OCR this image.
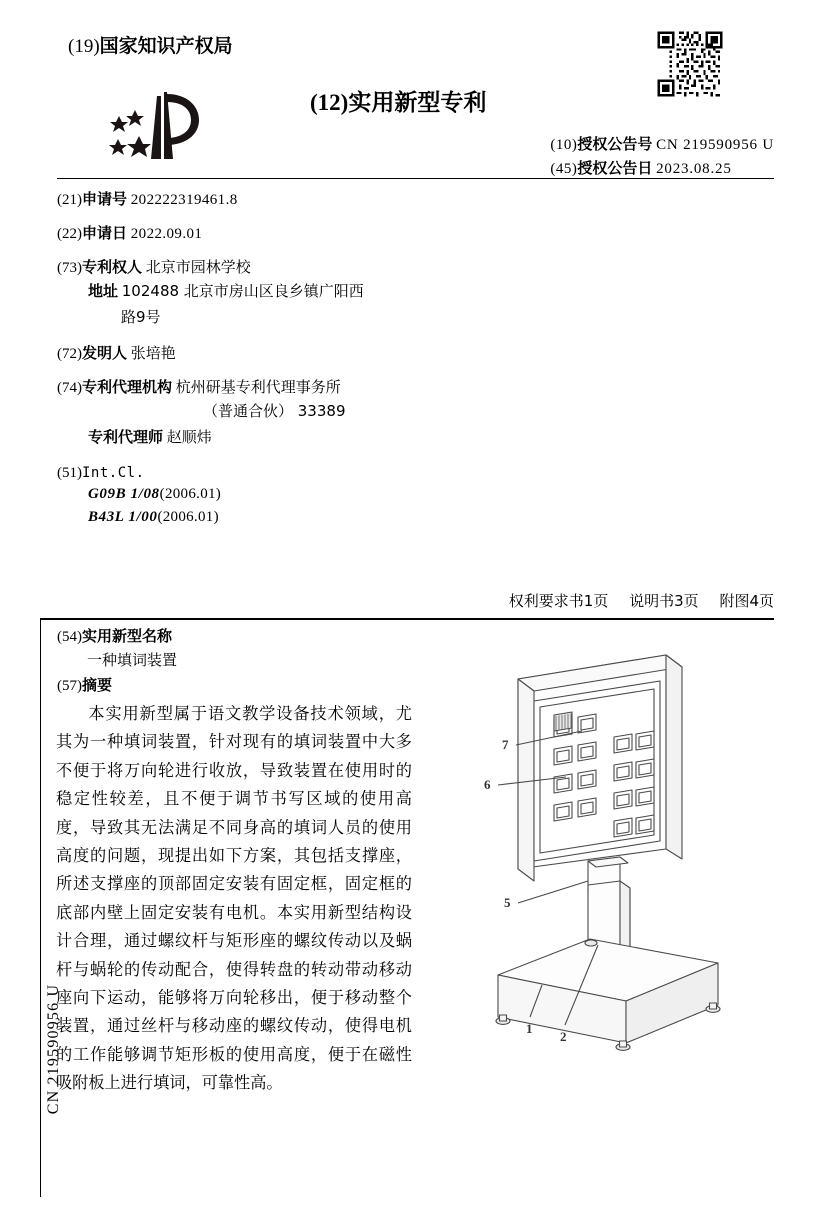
(19)国家知识产权局
(12)实用新型专利
(10)授权公告号 CN 219590956 U
(45)授权公告日 2023.08.25
(21)申请号 202222319461.8
(22)申请日 2022.09.01
(73)专利权人 北京市园林学校
地址 102488 北京市房山区良乡镇广阳西
路9号
(72)发明人 张培艳
(74)专利代理机构 杭州研基专利代理事务所
（普通合伙） 33389
专利代理师 赵顺炜
(51)Int.Cl.
G09B 1/08(2006.01)
B43L 1/00(2006.01)
权利要求书1页 说明书3页 附图4页
CN 219590956 U
(54)实用新型名称
一种填词装置
(57)摘要
本实用新型属于语文教学设备技术领域，尤其为一种填词装置，针对现有的填词装置中大多不便于将万向轮进行收放，导致装置在使用时的稳定性较差，且不便于调节书写区域的使用高度，导致其无法满足不同身高的填词人员的使用高度的问题，现提出如下方案，其包括支撑座，所述支撑座的顶部固定安装有固定框，固定框的底部内壁上固定安装有电机。本实用新型结构设计合理，通过螺纹杆与矩形座的螺纹传动以及蜗杆与蜗轮的传动配合，使得转盘的转动带动移动座向下运动，能够将万向轮移出，便于移动整个装置，通过丝杆与移动座的螺纹传动，使得电机的工作能够调节矩形板的使用高度，便于在磁性吸附板上进行填词，可靠性高。
7
6
5
1
2
